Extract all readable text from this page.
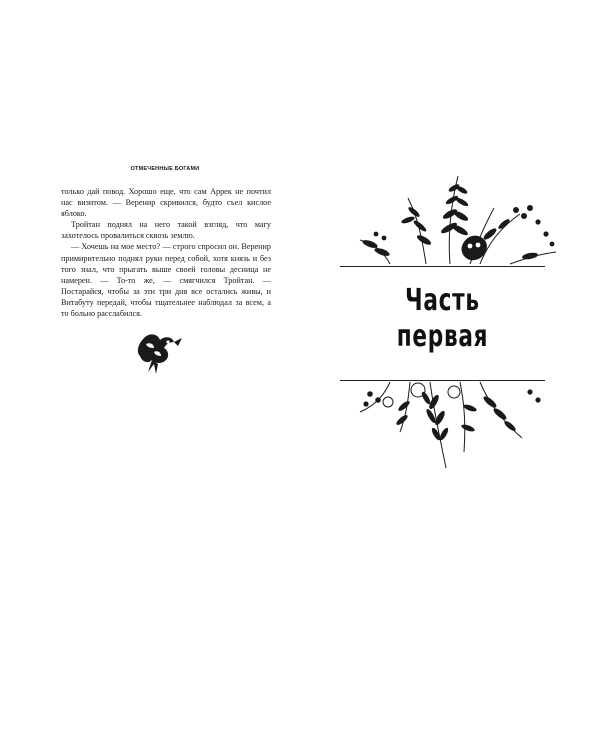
ОТМЕЧЕННЫЕ БОГАМИ

только дай повод. Хорошо еще, что сам Аррек не почтил нас визитом. — Веренир скривился, будто съел кислое яблоко.

Тройтан поднял на него такой взгляд, что магу захотелось провалиться сквозь землю.

— Хочешь на мое место? — строго спросил он. Веренир примирительно поднял руки перед собой, хотя князь и без того знал, что прыгать выше своей головы десница не намерен. — То-то же, — смягчился Тройтан. — Постарайся, чтобы за эти три дня все остались живы, и Витабуту передай, чтобы тщательнее наблюдал за всем, а то больно расслабился.	Часть
первая
